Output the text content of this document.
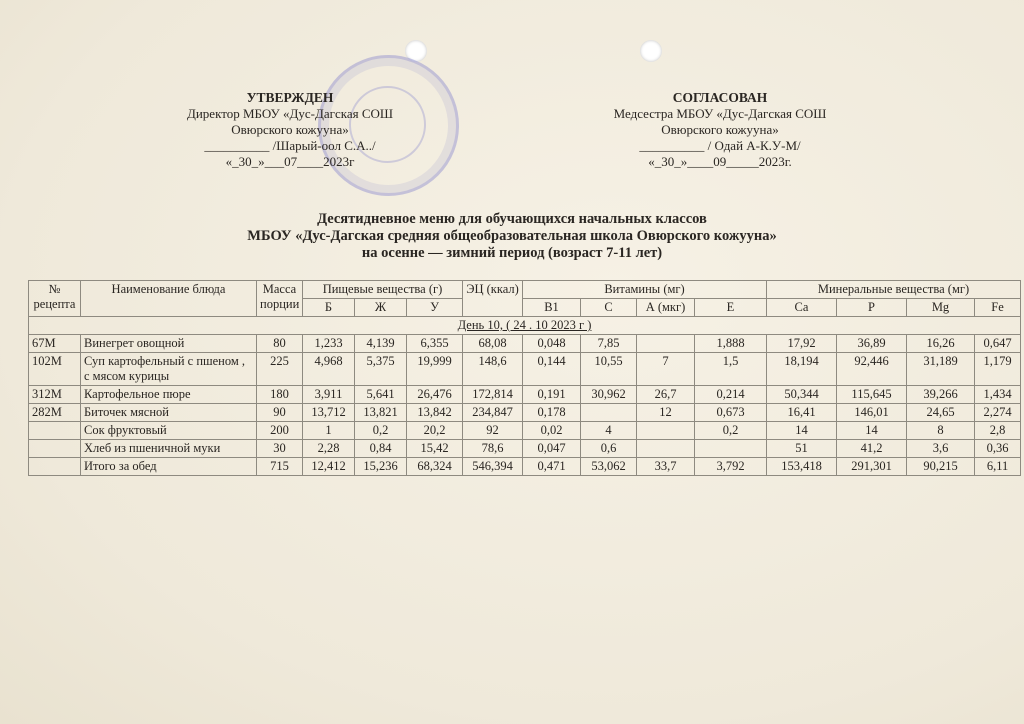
УТВЕРЖДЕН
Директор МБОУ «Дус-Дагская СОШ
Овюрского кожууна»
__________ /Шарый-оол С.А../
«_30_»___07____2023г
СОГЛАСОВАН
Медсестра МБОУ «Дус-Дагская СОШ
Овюрского кожууна»
__________ / Одай А-К.У-М/
«_30_»____09_____2023г.
Десятидневное меню для обучающихся начальных классов
МБОУ «Дус-Дагская средняя общеобразовательная школа Овюрского кожууна»
на осенне — зимний период (возраст 7-11 лет)
№ рецепта	Наименование блюда	Масса порции	Пищевые вещества (г)			ЭЦ (ккал)	Витамины (мг)				Минеральные вещества (мг)			
			Б	Ж	У		B1	C	А (мкг)	E	Ca	P	Mg	Fe
День 10, ( 24 . 10 2023 г )														
67М	Винегрет овощной	80	1,233	4,139	6,355	68,08	0,048	7,85		1,888	17,92	36,89	16,26	0,647
102М	Суп картофельный с пшеном , с мясом курицы	225	4,968	5,375	19,999	148,6	0,144	10,55	7	1,5	18,194	92,446	31,189	1,179
312М	Картофельное пюре	180	3,911	5,641	26,476	172,814	0,191	30,962	26,7	0,214	50,344	115,645	39,266	1,434
282М	Биточек мясной	90	13,712	13,821	13,842	234,847	0,178		12	0,673	16,41	146,01	24,65	2,274
	Сок фруктовый	200	1	0,2	20,2	92	0,02	4		0,2	14	14	8	2,8
	Хлеб из пшеничной муки	30	2,28	0,84	15,42	78,6	0,047	0,6			51	41,2	3,6	0,36
	Итого за обед	715	12,412	15,236	68,324	546,394	0,471	53,062	33,7	3,792	153,418	291,301	90,215	6,11
